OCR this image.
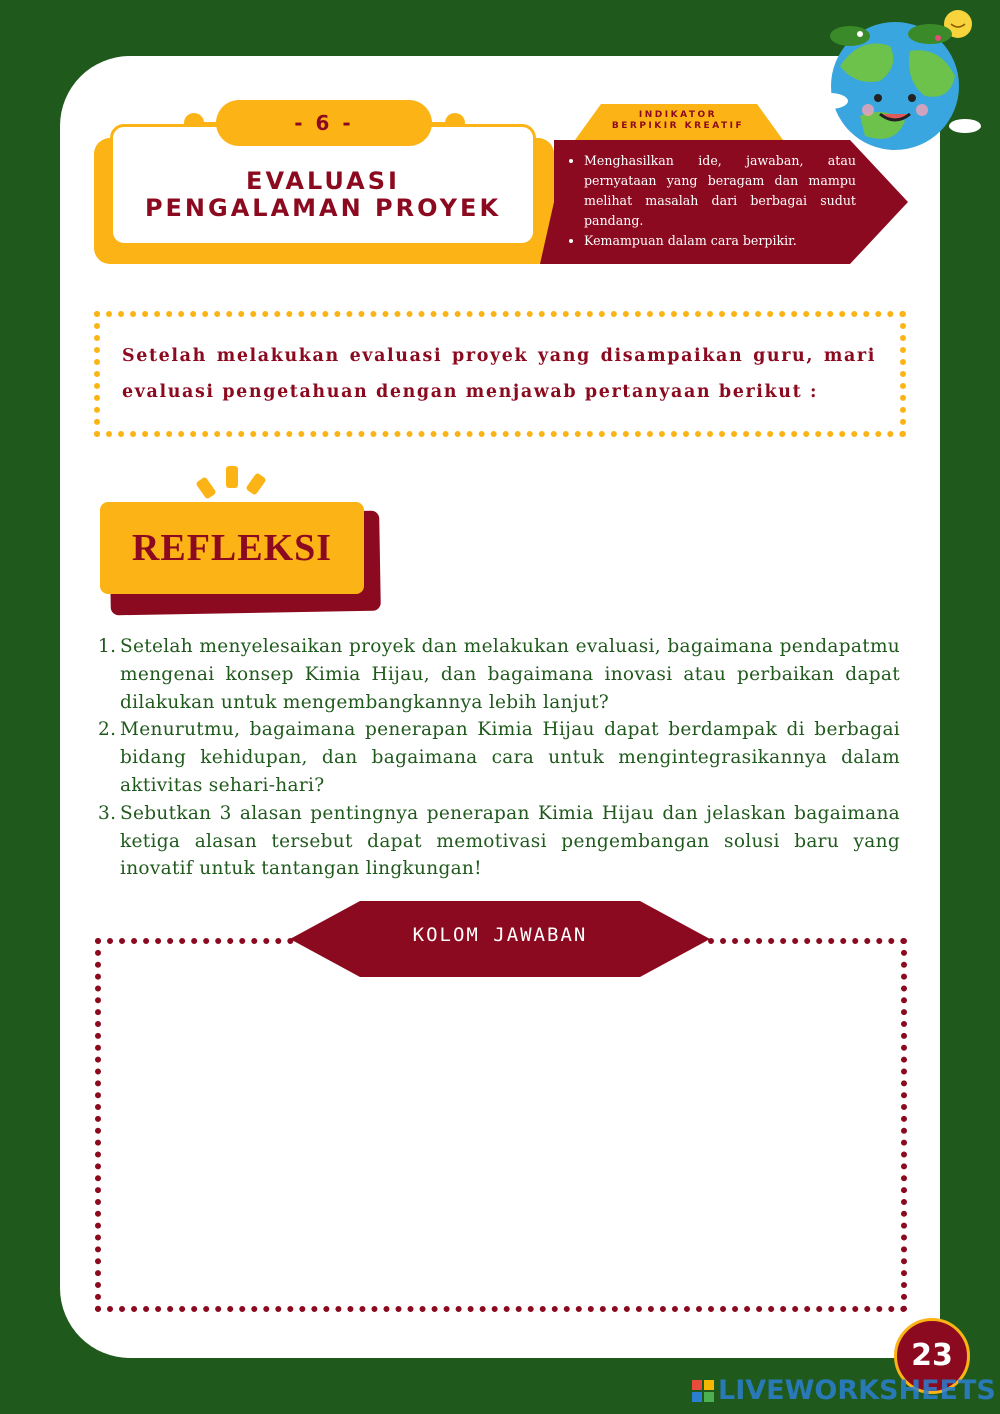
- 6 -
EVALUASI
PENGALAMAN PROYEK
INDIKATOR
BERPIKIR KREATIF
• Menghasilkan ide, jawaban, atau pernyataan yang beragam dan mampu melihat masalah dari berbagai sudut pandang.
• Kemampuan dalam cara berpikir.
Setelah melakukan evaluasi proyek yang disampaikan guru, mari evaluasi pengetahuan dengan menjawab pertanyaan berikut :
REFLEKSI
1. Setelah menyelesaikan proyek dan melakukan evaluasi, bagaimana pendapatmu mengenai konsep Kimia Hijau, dan bagaimana inovasi atau perbaikan dapat dilakukan untuk mengembangkannya lebih lanjut?
2. Menurutmu, bagaimana penerapan Kimia Hijau dapat berdampak di berbagai bidang kehidupan, dan bagaimana cara untuk mengintegrasikannya dalam aktivitas sehari-hari?
3. Sebutkan 3 alasan pentingnya penerapan Kimia Hijau dan jelaskan bagaimana ketiga alasan tersebut dapat memotivasi pengembangan solusi baru yang inovatif untuk tantangan lingkungan!
KOLOM JAWABAN
23
LIVEWORKSHEETS
